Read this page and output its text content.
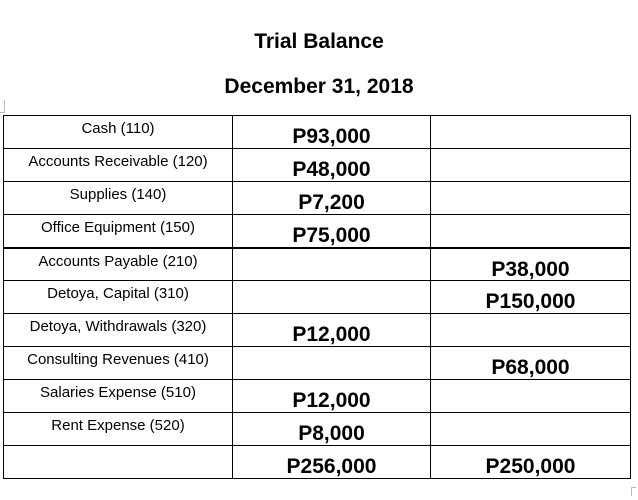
Trial Balance
December 31, 2018
Cash (110)	P93,000	
Accounts Receivable (120)	P48,000	
Supplies (140)	P7,200	
Office Equipment (150)	P75,000	
Accounts Payable (210)		P38,000
Detoya, Capital (310)		P150,000
Detoya, Withdrawals (320)	P12,000	
Consulting Revenues (410)		P68,000
Salaries Expense (510)	P12,000	
Rent Expense (520)	P8,000	
	P256,000	P250,000
